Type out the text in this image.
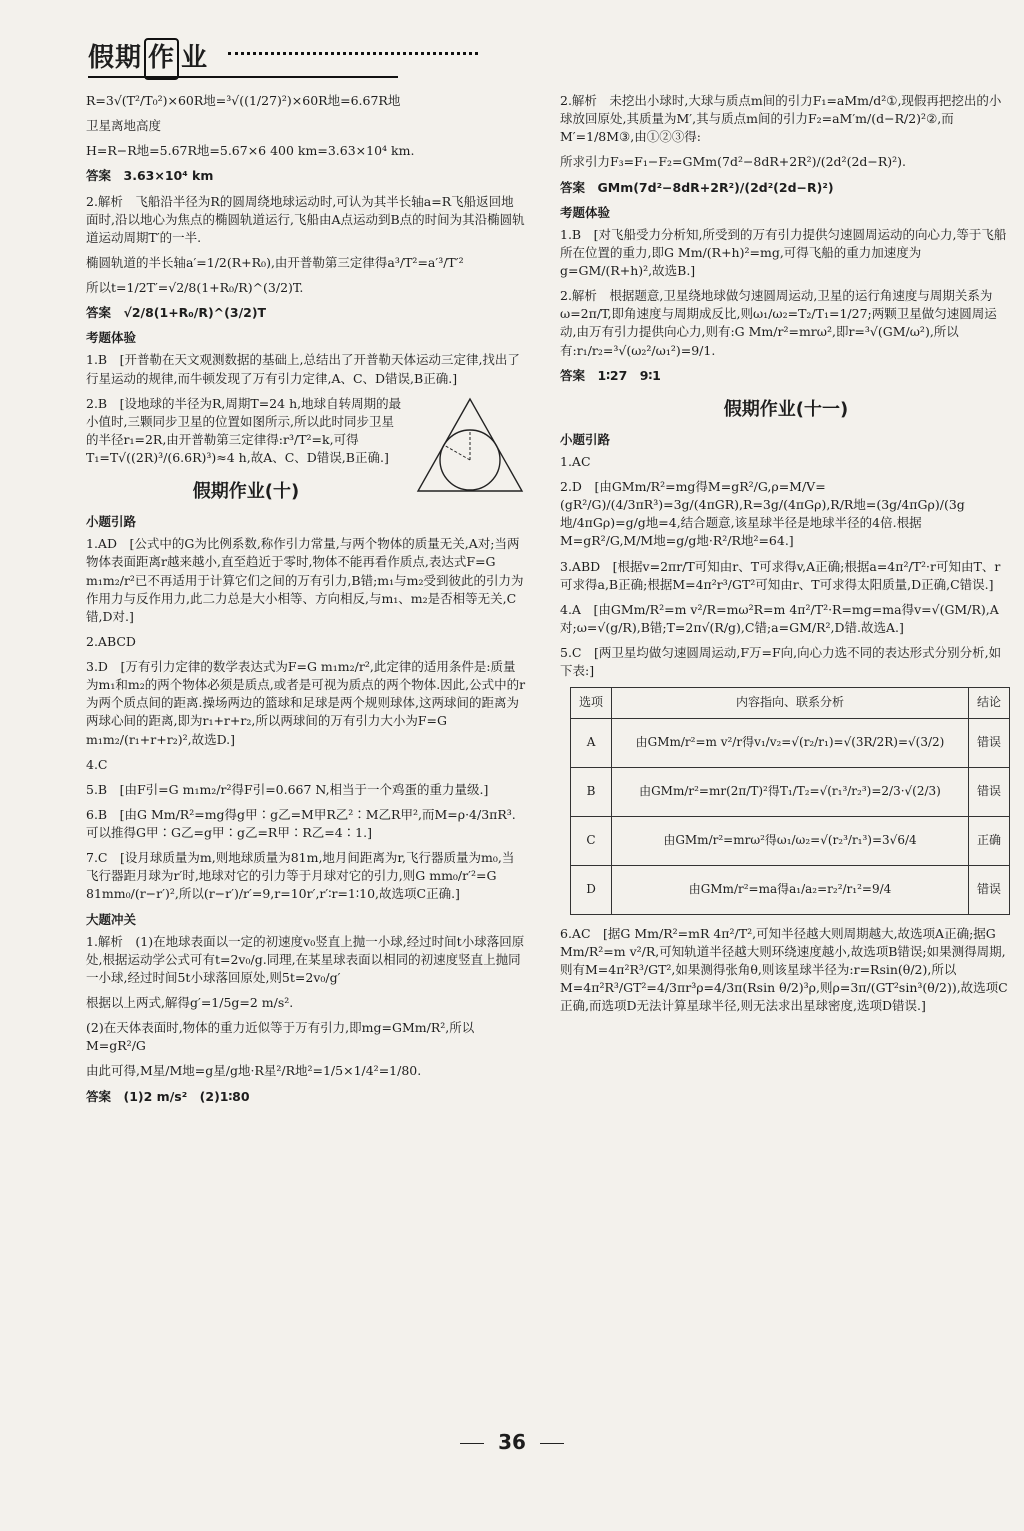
假期 作 业

R=3√(T²/T₀²)×60R地=³√((1/27)²)×60R地=6.67R地

卫星离地高度

H=R−R地=5.67R地=5.67×6 400 km=3.63×10⁴ km.

答案　3.63×10⁴ km

2.解析　飞船沿半径为R的圆周绕地球运动时,可认为其半长轴a=R飞船返回地面时,沿以地心为焦点的椭圆轨道运行,飞船由A点运动到B点的时间为其沿椭圆轨道运动周期T′的一半.

椭圆轨道的半长轴a′=1/2(R+R₀),由开普勒第三定律得a³/T²=a′³/T′²

所以t=1/2T′=√2/8(1+R₀/R)^(3/2)T.

答案　√2/8(1+R₀/R)^(3/2)T

考题体验

1.B　[开普勒在天文观测数据的基础上,总结出了开普勒天体运动三定律,找出了行星运动的规律,而牛顿发现了万有引力定律,A、C、D错误,B正确.]

2.B　[设地球的半径为R,周期T=24 h,地球自转周期的最小值时,三颗同步卫星的位置如图所示,所以此时同步卫星的半径r₁=2R,由开普勒第三定律得:r³/T²=k,可得T₁=T√((2R)³/(6.6R)³)≈4 h,故A、C、D错误,B正确.]

假期作业(十)
小题引路

1.AD　[公式中的G为比例系数,称作引力常量,与两个物体的质量无关,A对;当两物体表面距离r越来越小,直至趋近于零时,物体不能再看作质点,表达式F=G m₁m₂/r²已不再适用于计算它们之间的万有引力,B错;m₁与m₂受到彼此的引力为作用力与反作用力,此二力总是大小相等、方向相反,与m₁、m₂是否相等无关,C错,D对.]

2.ABCD

3.D　[万有引力定律的数学表达式为F=G m₁m₂/r²,此定律的适用条件是:质量为m₁和m₂的两个物体必须是质点,或者是可视为质点的两个物体.因此,公式中的r为两个质点间的距离.操场两边的篮球和足球是两个规则球体,这两球间的距离为两球心间的距离,即为r₁+r+r₂,所以两球间的万有引力大小为F=G m₁m₂/(r₁+r+r₂)²,故选D.]

4.C

5.B　[由F引=G m₁m₂/r²得F引=0.667 N,相当于一个鸡蛋的重力量级.]

6.B　[由G Mm/R²=mg得g甲∶g乙=M甲R乙²∶M乙R甲²,而M=ρ·4/3πR³.可以推得G甲∶G乙=g甲∶g乙=R甲∶R乙=4∶1.]

7.C　[设月球质量为m,则地球质量为81m,地月间距离为r,飞行器质量为m₀,当飞行器距月球为r′时,地球对它的引力等于月球对它的引力,则G mm₀/r′²=G 81mm₀/(r−r′)²,所以(r−r′)/r′=9,r=10r′,r′∶r=1∶10,故选项C正确.]

大题冲关

1.解析　(1)在地球表面以一定的初速度v₀竖直上抛一小球,经过时间t小球落回原处,根据运动学公式可有t=2v₀/g.同理,在某星球表面以相同的初速度竖直上抛同一小球,经过时间5t小球落回原处,则5t=2v₀/g′

根据以上两式,解得g′=1/5g=2 m/s².

(2)在天体表面时,物体的重力近似等于万有引力,即mg=GMm/R²,所以M=gR²/G

由此可得,M星/M地=g星/g地·R星²/R地²=1/5×1/4²=1/80.

答案　(1)2 m/s²　(2)1∶80

2.解析　未挖出小球时,大球与质点m间的引力F₁=aMm/d²①,现假再把挖出的小球放回原处,其质量为M′,其与质点m间的引力F₂=aM′m/(d−R/2)²②,而M′=1/8M③,由①②③得:

所求引力F₃=F₁−F₂=GMm(7d²−8dR+2R²)/(2d²(2d−R)²).

答案　GMm(7d²−8dR+2R²)/(2d²(2d−R)²)

考题体验

1.B　[对飞船受力分析知,所受到的万有引力提供匀速圆周运动的向心力,等于飞船所在位置的重力,即G Mm/(R+h)²=mg,可得飞船的重力加速度为g=GM/(R+h)²,故选B.]

2.解析　根据题意,卫星绕地球做匀速圆周运动,卫星的运行角速度与周期关系为ω=2π/T,即角速度与周期成反比,则ω₁/ω₂=T₂/T₁=1/27;两颗卫星做匀速圆周运动,由万有引力提供向心力,则有:G Mm/r²=mrω²,即r=³√(GM/ω²),所以有:r₁/r₂=³√(ω₂²/ω₁²)=9/1.

答案　1∶27　9∶1

假期作业(十一)
小题引路

1.AC

2.D　[由GMm/R²=mg得M=gR²/G,ρ=M/V=(gR²/G)/(4/3πR³)=3g/(4πGR),R=3g/(4πGρ),R/R地=(3g/4πGρ)/(3g地/4πGρ)=g/g地=4,结合题意,该星球半径是地球半径的4倍.根据M=gR²/G,M/M地=g/g地·R²/R地²=64.]

3.ABD　[根据v=2πr/T可知由r、T可求得v,A正确;根据a=4π²/T²·r可知由T、r可求得a,B正确;根据M=4π²r³/GT²可知由r、T可求得太阳质量,D正确,C错误.]

4.A　[由GMm/R²=m v²/R=mω²R=m 4π²/T²·R=mg=ma得v=√(GM/R),A对;ω=√(g/R),B错;T=2π√(R/g),C错;a=GM/R²,D错.故选A.]

5.C　[两卫星均做匀速圆周运动,F万=F向,向心力选不同的表达形式分别分析,如下表:]

选项	内容指向、联系分析	结论
A	由GMm/r²=m v²/r得v₁/v₂=√(r₂/r₁)=√(3R/2R)=√(3/2)	错误
B	由GMm/r²=mr(2π/T)²得T₁/T₂=√(r₁³/r₂³)=2/3·√(2/3)	错误
C	由GMm/r²=mrω²得ω₁/ω₂=√(r₂³/r₁³)=3√6/4	正确
D	由GMm/r²=ma得a₁/a₂=r₂²/r₁²=9/4	错误

6.AC　[据G Mm/R²=mR 4π²/T²,可知半径越大则周期越大,故选项A正确;据G Mm/R²=m v²/R,可知轨道半径越大则环绕速度越小,故选项B错误;如果测得周期,则有M=4π²R³/GT²,如果测得张角θ,则该星球半径为:r=Rsin(θ/2),所以M=4π²R³/GT²=4/3πr³ρ=4/3π(Rsin θ/2)³ρ,则ρ=3π/(GT²sin³(θ/2)),故选项C正确,而选项D无法计算星球半径,则无法求出星球密度,选项D错误.]

36
